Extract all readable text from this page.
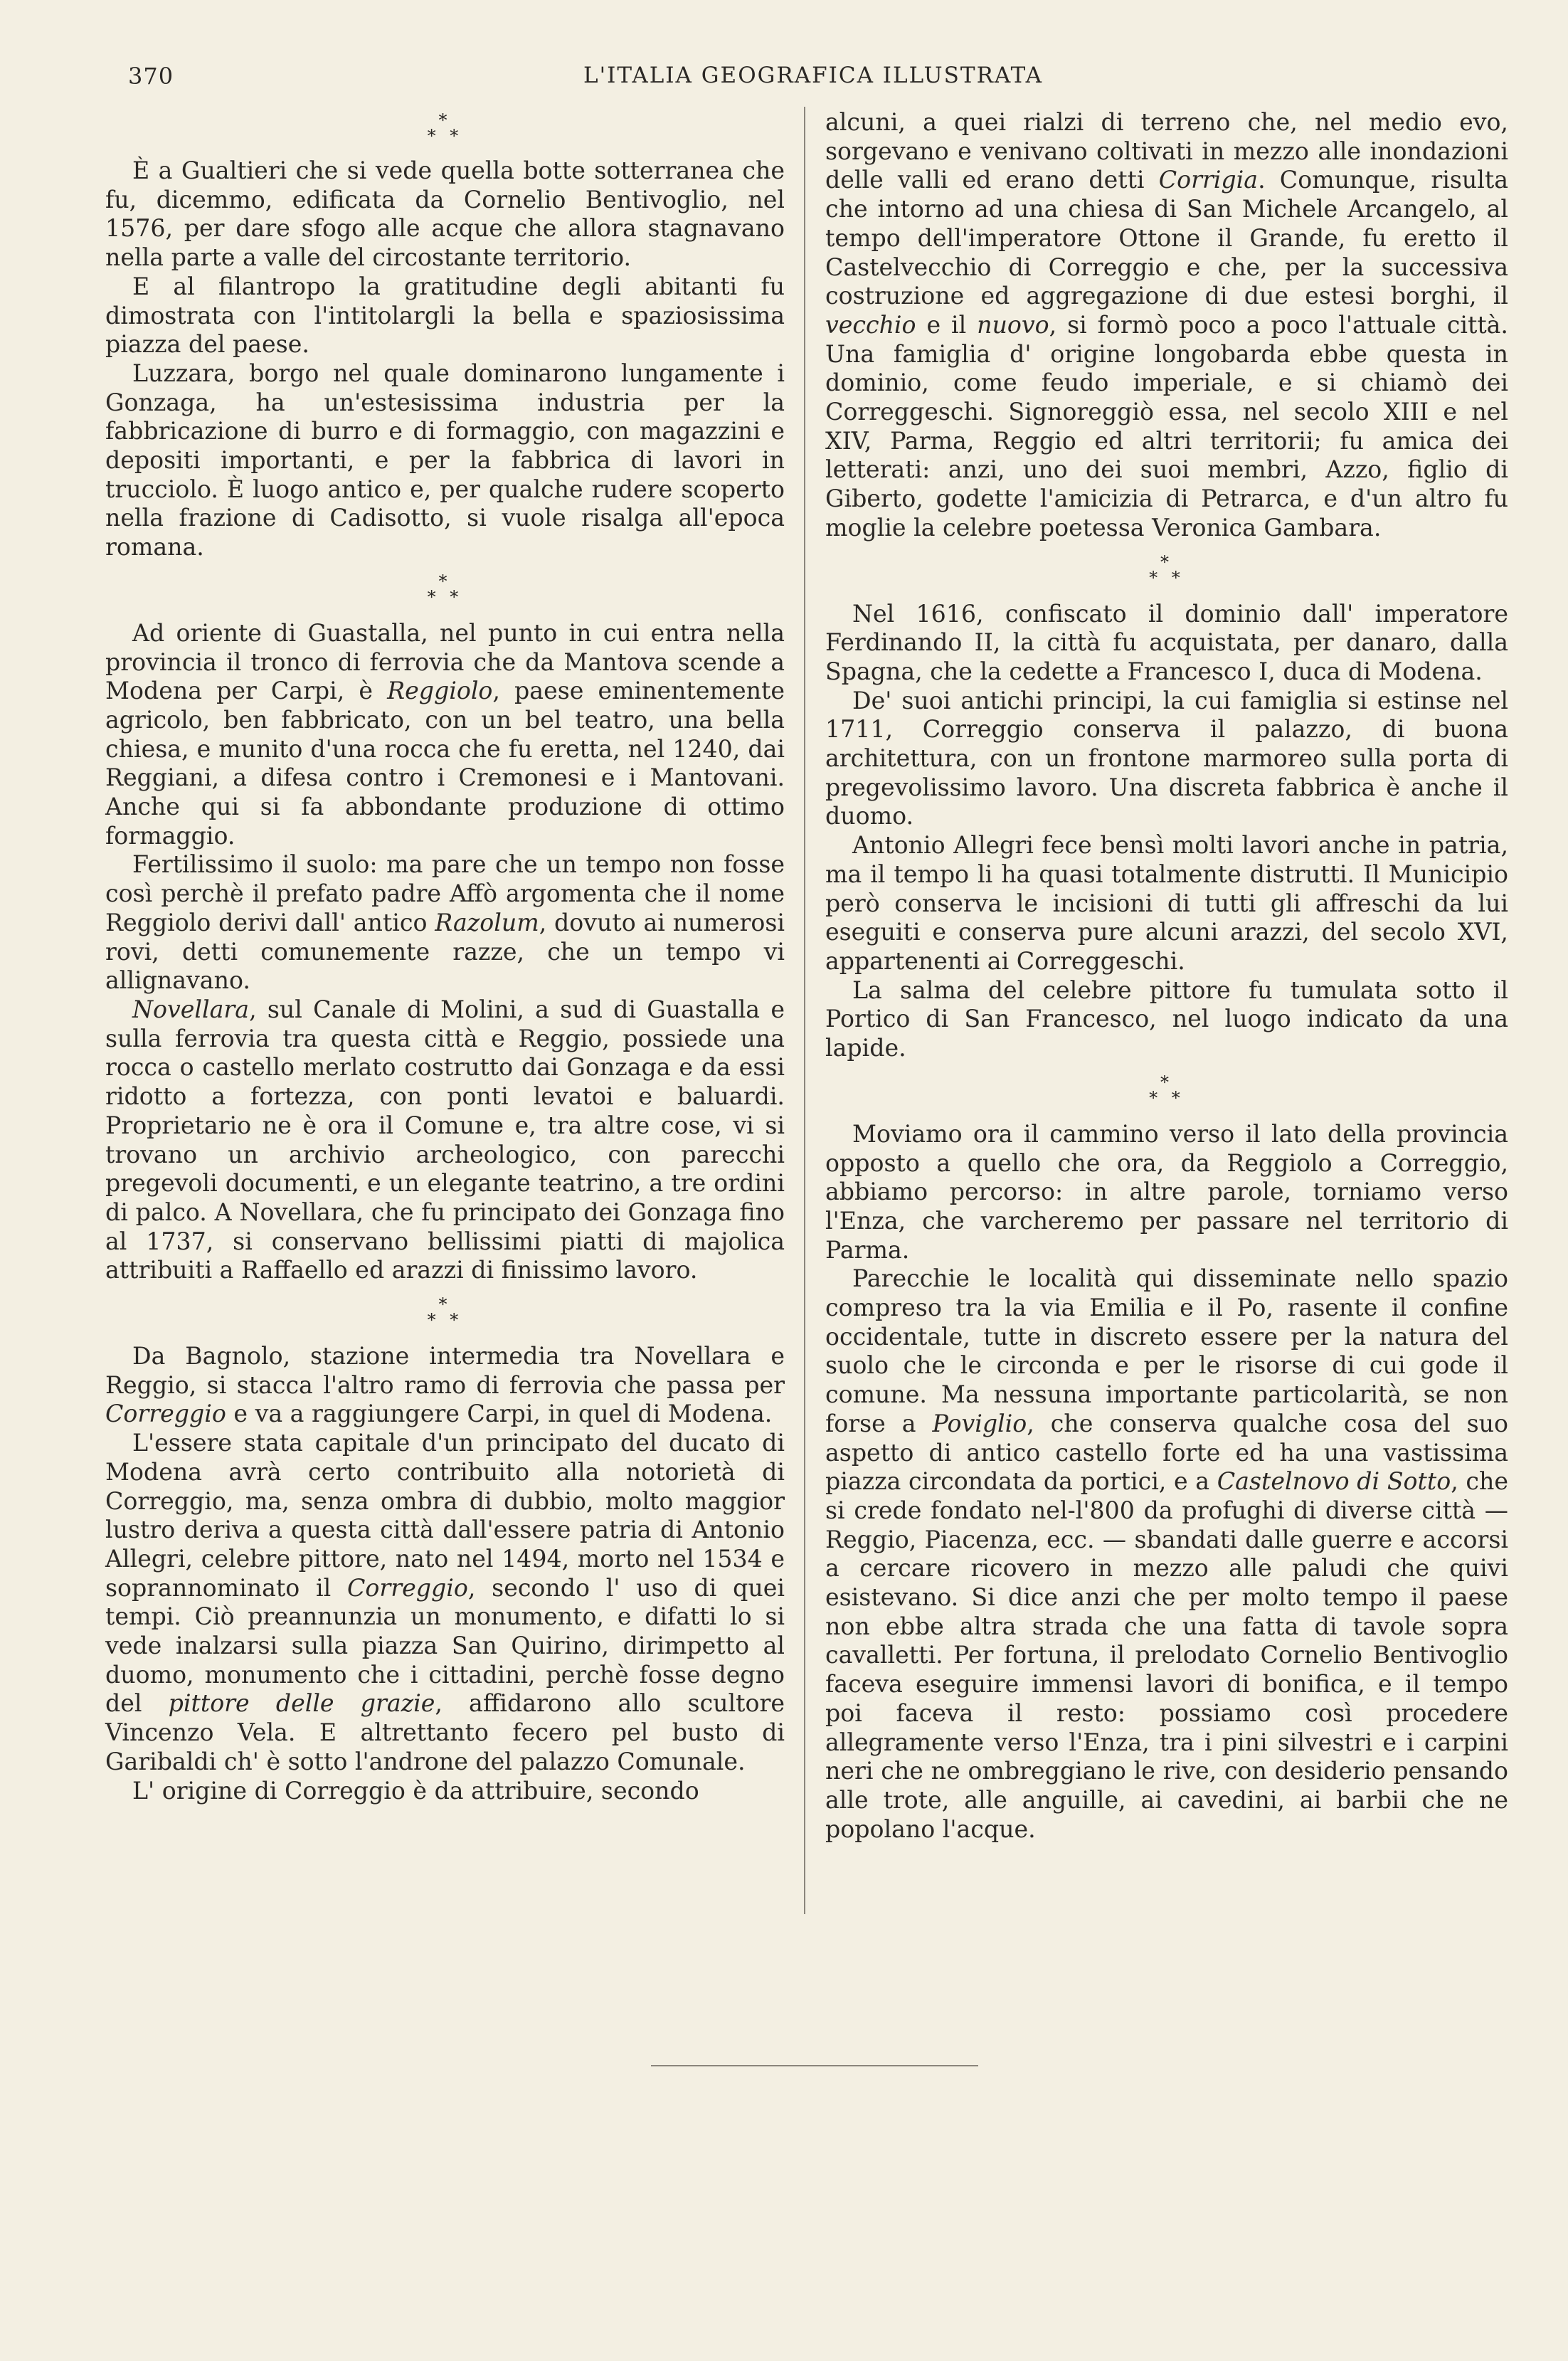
370	L'ITALIA GEOGRAFICA ILLUSTRATA
*
* *

È a Gualtieri che si vede quella botte sotterranea che fu, dicemmo, edificata da Cornelio Bentivoglio, nel 1576, per dare sfogo alle acque che allora stagnavano nella parte a valle del circostante territorio.

E al filantropo la gratitudine degli abitanti fu dimostrata con l'intitolargli la bella e spaziosissima piazza del paese.

Luzzara, borgo nel quale dominarono lungamente i Gonzaga, ha un'estesissima industria per la fabbricazione di burro e di formaggio, con magazzini e depositi importanti, e per la fabbrica di lavori in trucciolo. È luogo antico e, per qualche rudere scoperto nella frazione di Cadisotto, si vuole risalga all'epoca romana.

*
* *

Ad oriente di Guastalla, nel punto in cui entra nella provincia il tronco di ferrovia che da Mantova scende a Modena per Carpi, è Reggiolo, paese eminentemente agricolo, ben fabbricato, con un bel teatro, una bella chiesa, e munito d'una rocca che fu eretta, nel 1240, dai Reggiani, a difesa contro i Cremonesi e i Mantovani. Anche qui si fa abbondante produzione di ottimo formaggio.

Fertilissimo il suolo: ma pare che un tempo non fosse così perchè il prefato padre Affò argomenta che il nome Reggiolo derivi dall' antico Razolum, dovuto ai numerosi rovi, detti comunemente razze, che un tempo vi allignavano.

Novellara, sul Canale di Molini, a sud di Guastalla e sulla ferrovia tra questa città e Reggio, possiede una rocca o castello merlato costrutto dai Gonzaga e da essi ridotto a fortezza, con ponti levatoi e baluardi. Proprietario ne è ora il Comune e, tra altre cose, vi si trovano un archivio archeologico, con parecchi pregevoli documenti, e un elegante teatrino, a tre ordini di palco. A Novellara, che fu principato dei Gonzaga fino al 1737, si conservano bellissimi piatti di majolica attribuiti a Raffaello ed arazzi di finissimo lavoro.

*
* *

Da Bagnolo, stazione intermedia tra Novellara e Reggio, si stacca l'altro ramo di ferrovia che passa per Correggio e va a raggiungere Carpi, in quel di Modena.

L'essere stata capitale d'un principato del ducato di Modena avrà certo contribuito alla notorietà di Correggio, ma, senza ombra di dubbio, molto maggior lustro deriva a questa città dall'essere patria di Antonio Allegri, celebre pittore, nato nel 1494, morto nel 1534 e soprannominato il Correggio, secondo l' uso di quei tempi. Ciò preannunzia un monumento, e difatti lo si vede inalzarsi sulla piazza San Quirino, dirimpetto al duomo, monumento che i cittadini, perchè fosse degno del pittore delle grazie, affidarono allo scultore Vincenzo Vela. E altrettanto fecero pel busto di Garibaldi ch' è sotto l'androne del palazzo Comunale.

L' origine di Correggio è da attribuire, secondo

alcuni, a quei rialzi di terreno che, nel medio evo, sorgevano e venivano coltivati in mezzo alle inondazioni delle valli ed erano detti Corrigia. Comunque, risulta che intorno ad una chiesa di San Michele Arcangelo, al tempo dell'imperatore Ottone il Grande, fu eretto il Castelvecchio di Correggio e che, per la successiva costruzione ed aggregazione di due estesi borghi, il vecchio e il nuovo, si formò poco a poco l'attuale città. Una famiglia d' origine longobarda ebbe questa in dominio, come feudo imperiale, e si chiamò dei Correggeschi. Signoreggiò essa, nel secolo XIII e nel XIV, Parma, Reggio ed altri territorii; fu amica dei letterati: anzi, uno dei suoi membri, Azzo, figlio di Giberto, godette l'amicizia di Petrarca, e d'un altro fu moglie la celebre poetessa Veronica Gambara.

*
* *

Nel 1616, confiscato il dominio dall' imperatore Ferdinando II, la città fu acquistata, per danaro, dalla Spagna, che la cedette a Francesco I, duca di Modena.

De' suoi antichi principi, la cui famiglia si estinse nel 1711, Correggio conserva il palazzo, di buona architettura, con un frontone marmoreo sulla porta di pregevolissimo lavoro. Una discreta fabbrica è anche il duomo.

Antonio Allegri fece bensì molti lavori anche in patria, ma il tempo li ha quasi totalmente distrutti. Il Municipio però conserva le incisioni di tutti gli affreschi da lui eseguiti e conserva pure alcuni arazzi, del secolo XVI, appartenenti ai Correggeschi.

La salma del celebre pittore fu tumulata sotto il Portico di San Francesco, nel luogo indicato da una lapide.

*
* *

Moviamo ora il cammino verso il lato della provincia opposto a quello che ora, da Reggiolo a Correggio, abbiamo percorso: in altre parole, torniamo verso l'Enza, che varcheremo per passare nel territorio di Parma.

Parecchie le località qui disseminate nello spazio compreso tra la via Emilia e il Po, rasente il confine occidentale, tutte in discreto essere per la natura del suolo che le circonda e per le risorse di cui gode il comune. Ma nessuna importante particolarità, se non forse a Poviglio, che conserva qualche cosa del suo aspetto di antico castello forte ed ha una vastissima piazza circondata da portici, e a Castelnovo di Sotto, che si crede fondato nel-l'800 da profughi di diverse città — Reggio, Piacenza, ecc. — sbandati dalle guerre e accorsi a cercare ricovero in mezzo alle paludi che quivi esistevano. Si dice anzi che per molto tempo il paese non ebbe altra strada che una fatta di tavole sopra cavalletti. Per fortuna, il prelodato Cornelio Bentivoglio faceva eseguire immensi lavori di bonifica, e il tempo poi faceva il resto: possiamo così procedere allegramente verso l'Enza, tra i pini silvestri e i carpini neri che ne ombreggiano le rive, con desiderio pensando alle trote, alle anguille, ai cavedini, ai barbii che ne popolano l'acque.
